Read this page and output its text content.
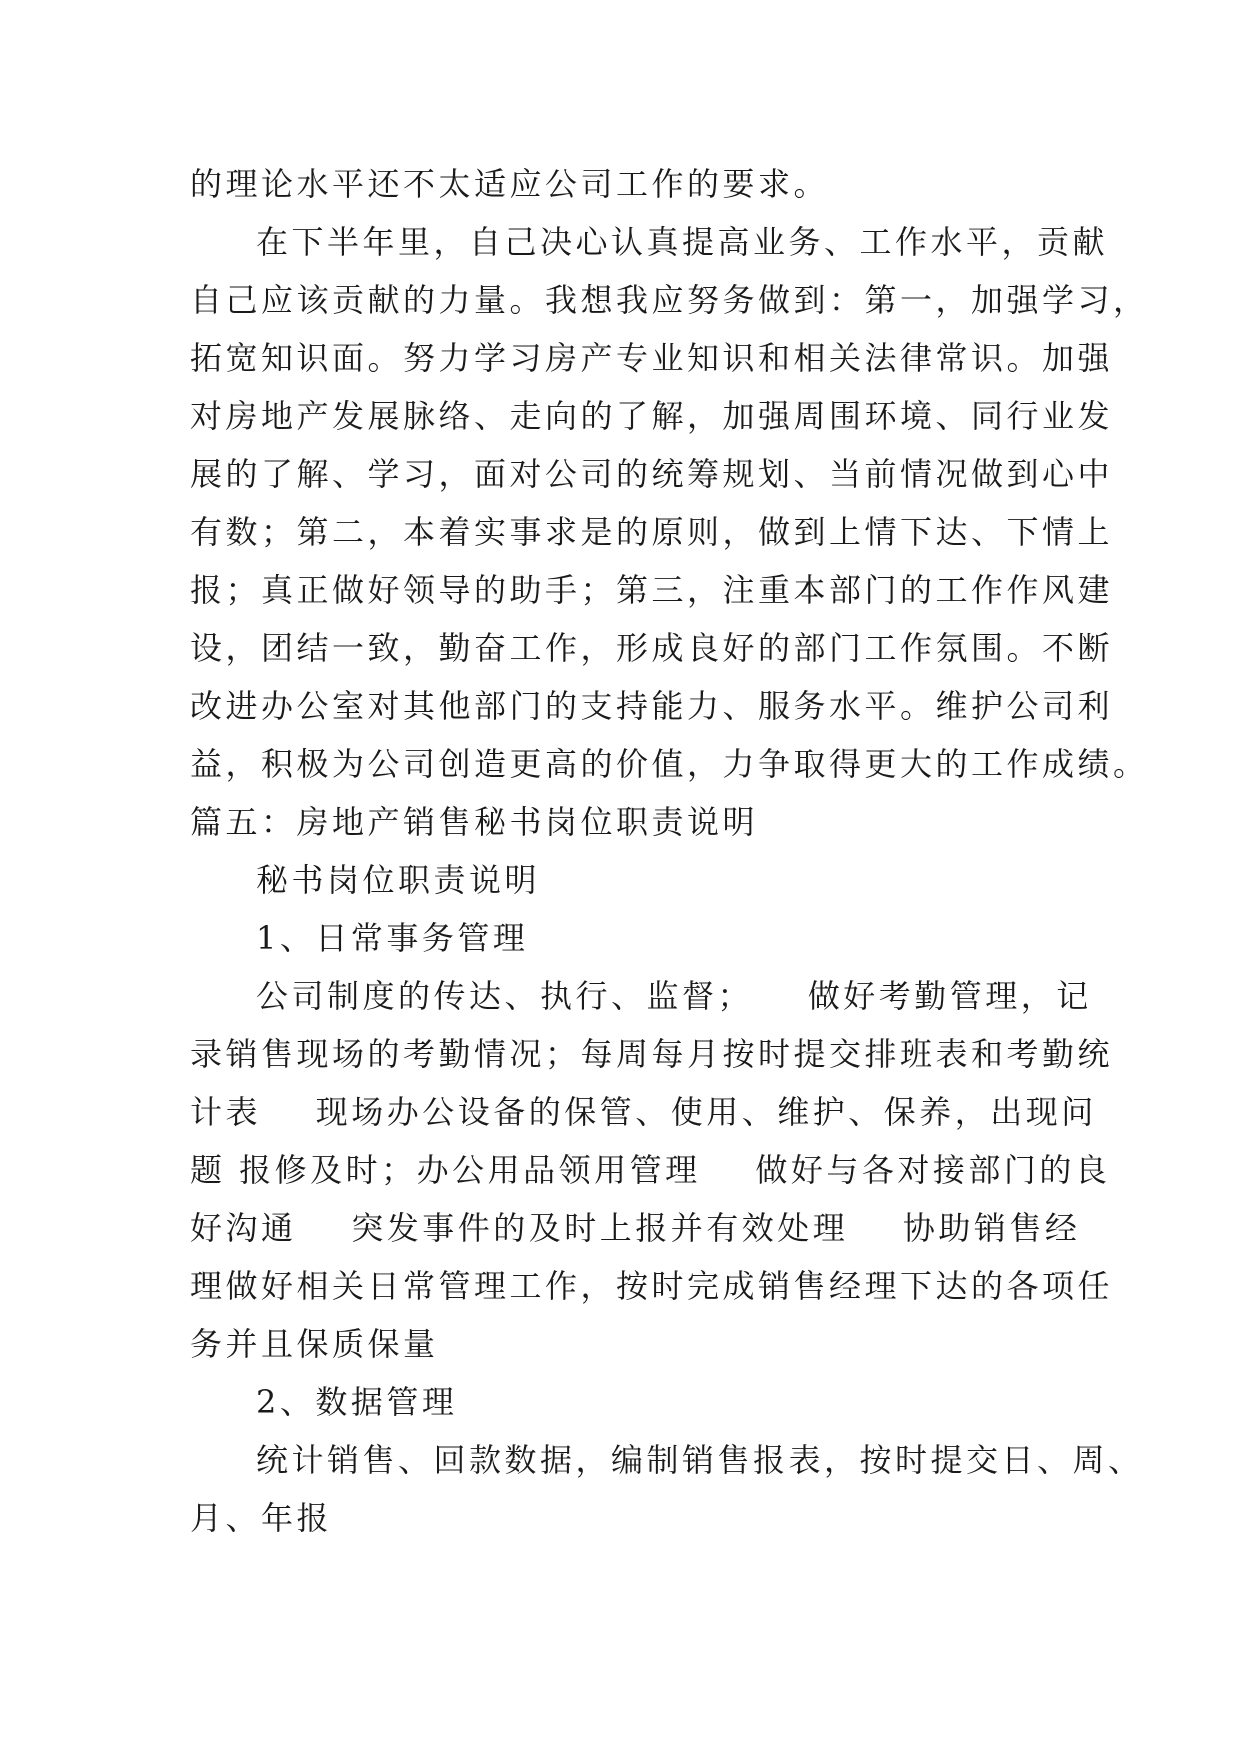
的理论水平还不太适应公司工作的要求。
在下半年里，自己决心认真提高业务、工作水平，贡献
自己应该贡献的力量。我想我应努务做到：第一，加强学习，
拓宽知识面。努力学习房产专业知识和相关法律常识。加强
对房地产发展脉络、走向的了解，加强周围环境、同行业发
展的了解、学习，面对公司的统筹规划、当前情况做到心中
有数；第二，本着实事求是的原则，做到上情下达、下情上
报；真正做好领导的助手；第三，注重本部门的工作作风建
设，团结一致，勤奋工作，形成良好的部门工作氛围。不断
改进办公室对其他部门的支持能力、服务水平。维护公司利
益，积极为公司创造更高的价值，力争取得更大的工作成绩。
篇五：房地产销售秘书岗位职责说明
秘书岗位职责说明
1、日常事务管理
公司制度的传达、执行、监督；    做好考勤管理，记
录销售现场的考勤情况；每周每月按时提交排班表和考勤统
计表    现场办公设备的保管、使用、维护、保养，出现问
题 报修及时；办公用品领用管理    做好与各对接部门的良
好沟通    突发事件的及时上报并有效处理    协助销售经
理做好相关日常管理工作，按时完成销售经理下达的各项任
务并且保质保量
2、数据管理
统计销售、回款数据，编制销售报表，按时提交日、周、
月、年报
